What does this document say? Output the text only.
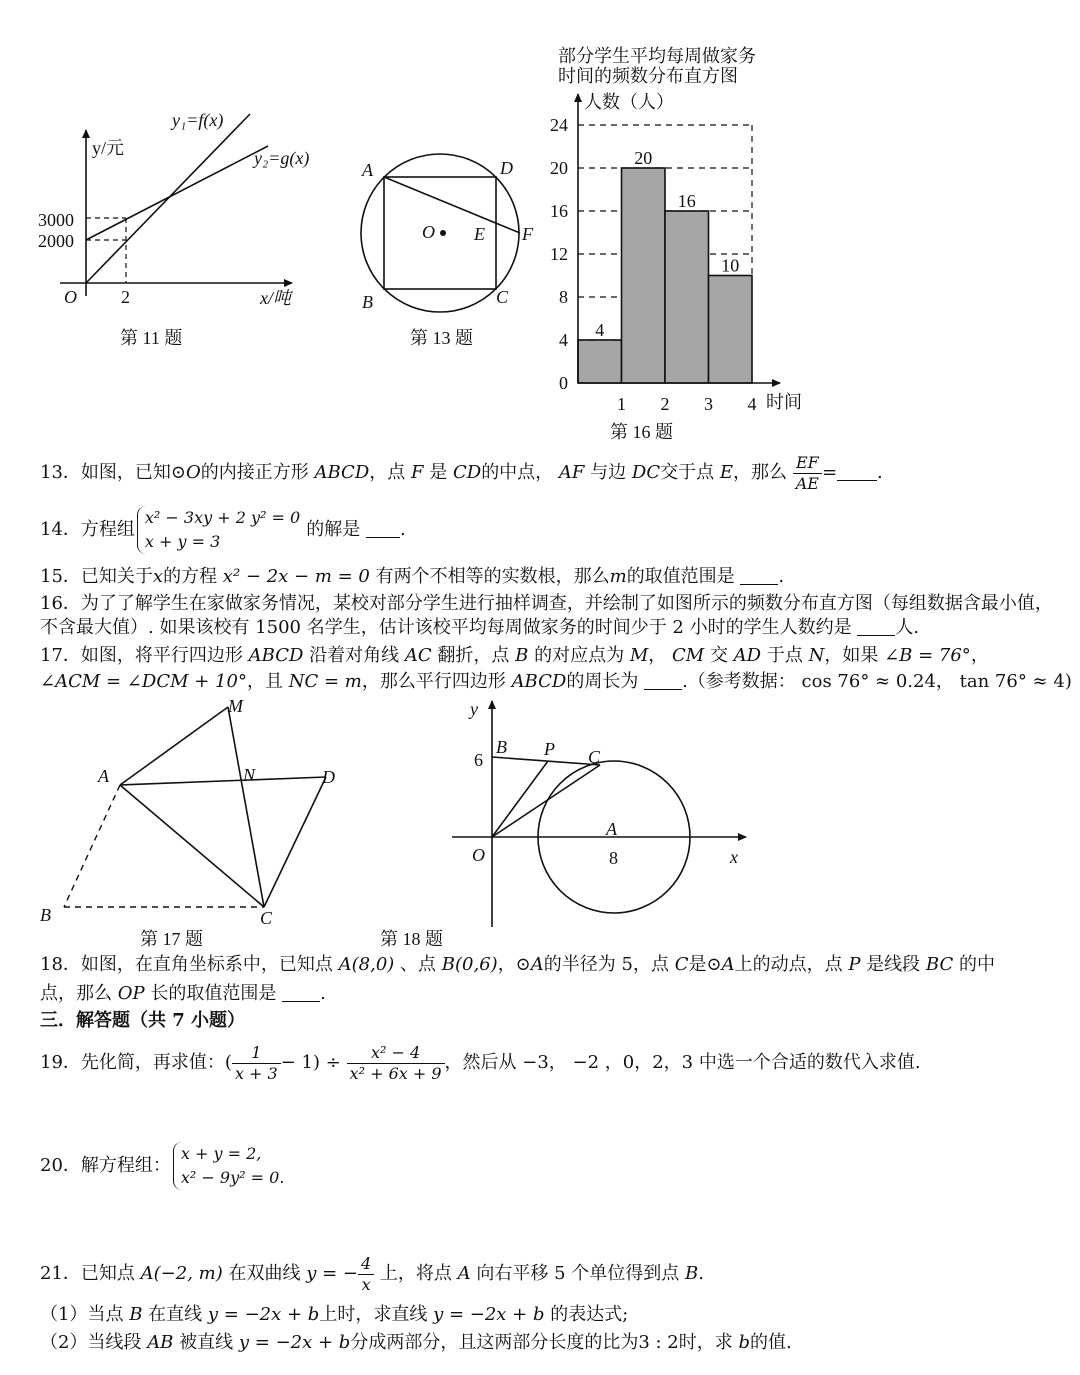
y/元
x/吨
O
3000
2000
2
y₁=f(x)
y₂=g(x)
第 11 题
A	D
B	C
O E F
第 13 题
部分学生平均每周做家务
时间的频数分布直方图
人数（人）
时间
0
4
8
12
16
20
24
4
20
16
10
1 2 3 4
第 16 题
13．如图，已知⊙O的内接正方形 ABCD，点 F 是 CD的中点， AF 与边 DC交于点 E，那么 $\frac{EF}{AE}$ = .
14．方程组
x² − 3xy + 2 y² = 0
x + y = 3
的解是 .
15．已知关于x的方程 x² − 2x − m = 0 有两个不相等的实数根，那么m的取值范围是 .
16．为了了解学生在家做家务情况，某校对部分学生进行抽样调查，并绘制了如图所示的频数分布直方图（每组数据含最小值，不含最大值）. 如果该校有 1500 名学生，估计该校平均每周做家务的时间少于 2 小时的学生人数约是 人.
17．如图，将平行四边形 ABCD 沿着对角线 AC 翻折，点 B 的对应点为 M， CM 交 AD 于点 N，如果 ∠B = 76°，
∠ACM = ∠DCM + 10°，且 NC = m，那么平行四边形 ABCD的周长为 .（参考数据： cos 76° ≈ 0.24， tan 76° ≈ 4)
M
A	N	D
B	C
第 17 题
y
x
6
8
B P C
A
O
第 18 题
18．如图，在直角坐标系中，已知点 A(8,0) 、点 B(0,6)，⊙A的半径为 5，点 C是⊙A上的动点，点 P 是线段 BC 的中
点，那么 OP 长的取值范围是 .
三．解答题（共 7 小题）
19．先化简，再求值：( $\frac{1}{x + 3} - 1) \div \frac{\text{x² − 4}}{\text{x² + 6x + 9}}$ ，然后从 −3， −2 ，0，2，3 中选一个合适的数代入求值.
20．解方程组：
x + y = 2,
x² − 9y² = 0.
21．已知点 A(−2, m) 在双曲线 y = − $\frac{4}{x}$ 上，将点 A 向右平移 5 个单位得到点 B.
（1）当点 B 在直线 y = −2x + b上时，求直线 y = −2x + b 的表达式;
（2）当线段 AB 被直线 y = −2x + b分成两部分，且这两部分长度的比为3 : 2时，求 b的值.
